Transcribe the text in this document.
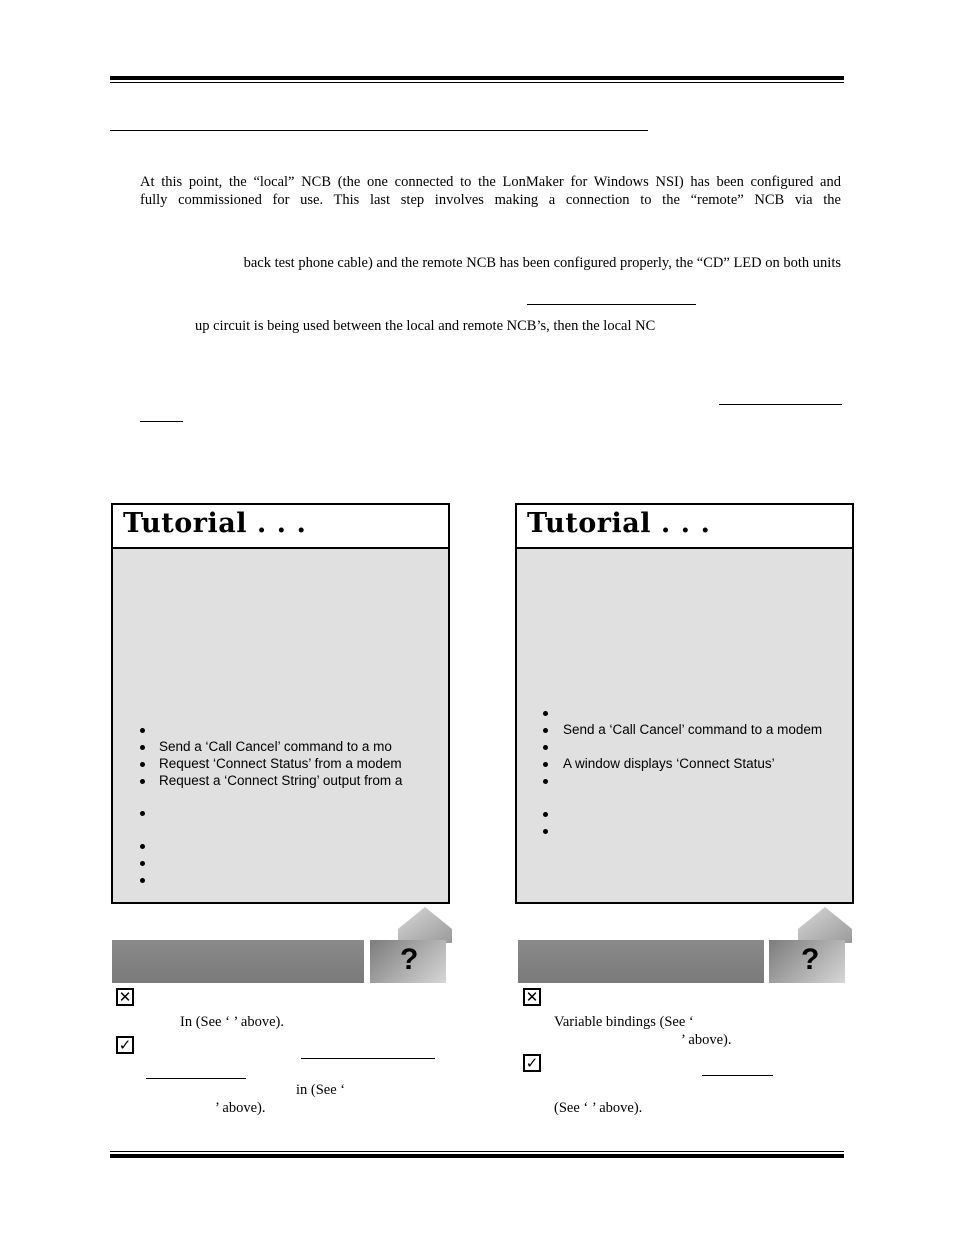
At this point, the “local” NCB (the one connected to the LonMaker for Windows NSI) has been configured and
fully commissioned for use. This last step involves making a connection to the “remote” NCB via the
back test phone cable) and the remote NCB has been configured properly, the “CD” LED on both units
up circuit is being used between the local and remote NCB’s, then the local NC
Tutorial . . .
Send a ‘Call Cancel’ command to a mo
Request ‘Connect Status’ from a modem
Request a ‘Connect String’ output from a
Tutorial . . .
Send a ‘Call Cancel’ command to a modem
A window displays ‘Connect Status’
?
✕
In (See ‘ ’ above).
✓
in (See ‘
’ above).
?
✕
Variable bindings (See ‘
’ above).
✓
(See ‘ ’ above).
